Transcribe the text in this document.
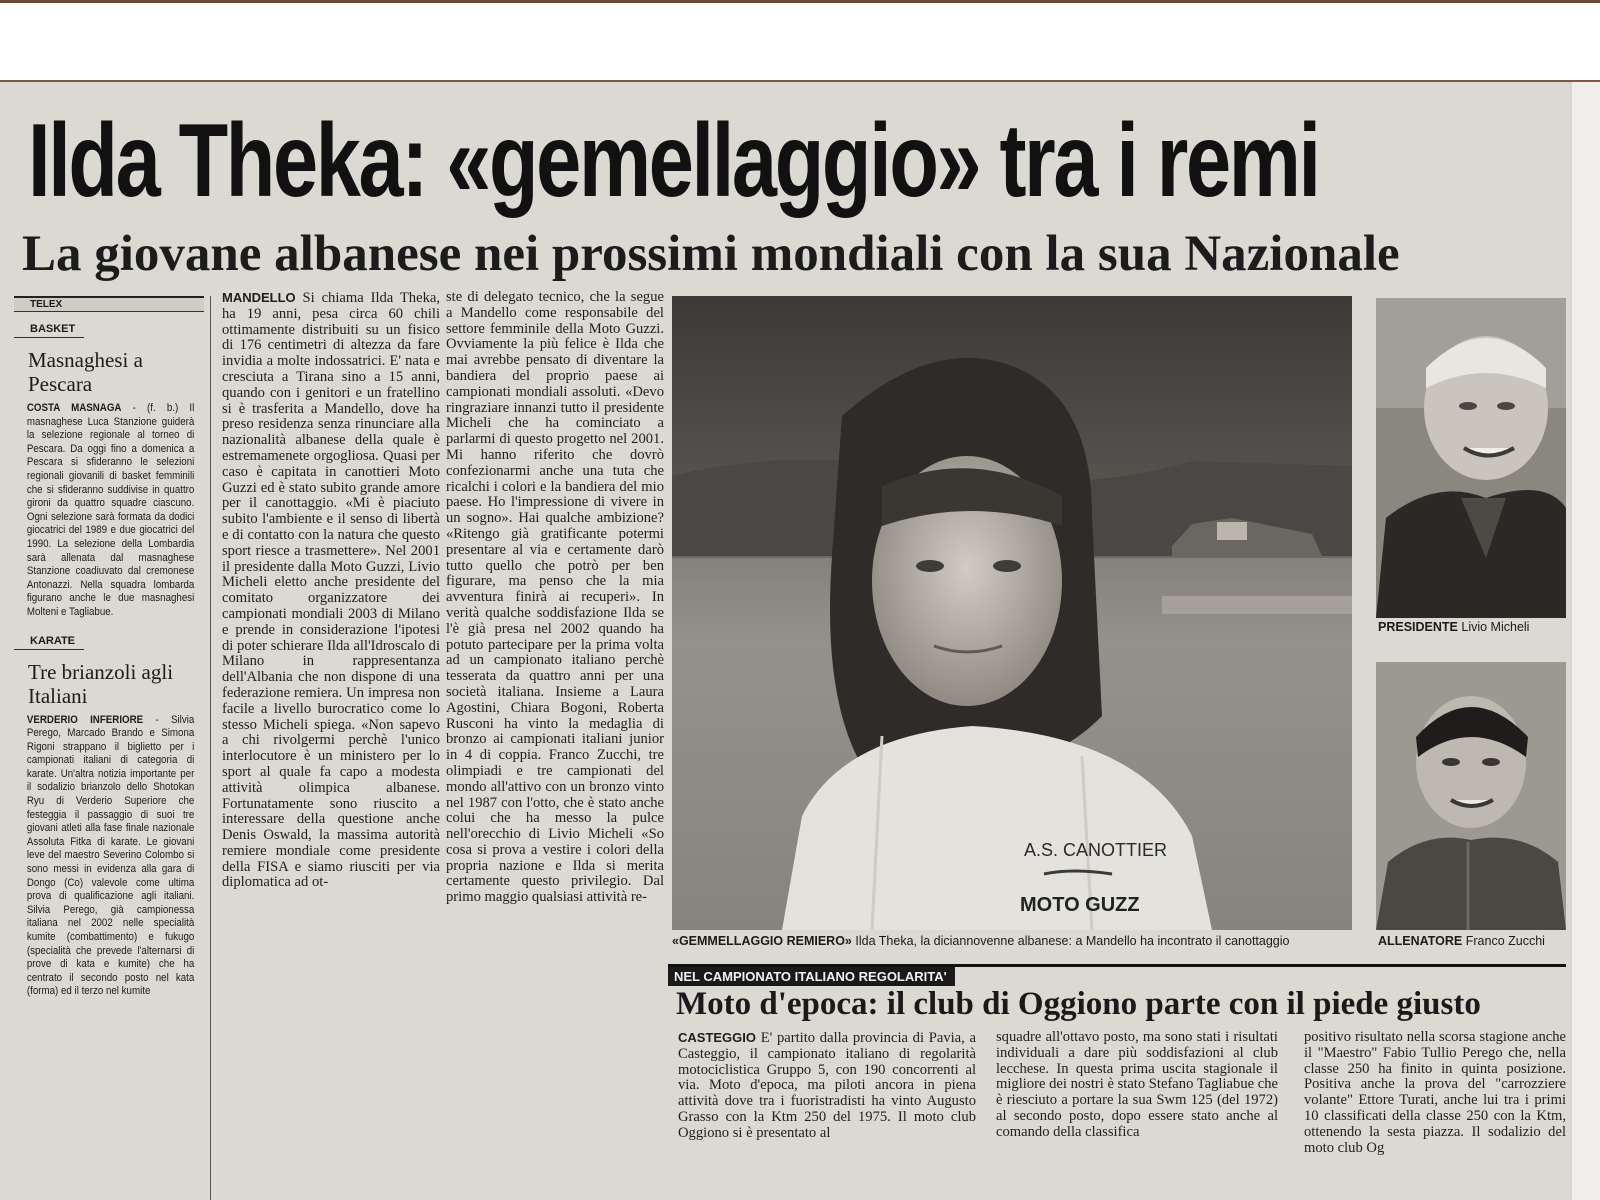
Ilda Theka: «gemellaggio» tra i remi
La giovane albanese nei prossimi mondiali con la sua Nazionale
TELEX
BASKET
Masnaghesi a Pescara

COSTA MASNAGA - (f. b.) Il masnaghese Luca Stanzione guiderà la selezione regionale al torneo di Pescara. Da oggi fino a domenica a Pescara si sfideranno le selezioni regionali giovanili di basket femminili che si sfideranno suddivise in quattro gironi da quattro squadre ciascuno. Ogni selezione sarà formata da dodici giocatrici del 1989 e due giocatrici del 1990. La selezione della Lombardia sarà allenata dal masnaghese Stanzione coadiuvato dal cremonese Antonazzi. Nella squadra lombarda figurano anche le due masnaghesi Molteni e Tagliabue.

KARATE
Tre brianzoli agli Italiani

VERDERIO INFERIORE - Silvia Perego, Marcado Brando e Simona Rigoni strappano il biglietto per i campionati italiani di categoria di karate. Un'altra notizia importante per il sodalizio brianzolo dello Shotokan Ryu di Verderio Superiore che festeggia il passaggio di suoi tre giovani atleti alla fase finale nazionale Assoluta Fitka di karate. Le giovani leve del maestro Severino Colombo si sono messi in evidenza alla gara di Dongo (Co) valevole come ultima prova di qualificazione agli italiani. Silvia Perego, già campionessa italiana nel 2002 nelle specialità kumite (combattimento) e fukugo (specialità che prevede l'alternarsi di prove di kata e kumite) che ha centrato il secondo posto nel kata (forma) ed il terzo nel kumite

MANDELLO Si chiama Ilda Theka, ha 19 anni, pesa circa 60 chili ottimamente distribuiti su un fisico di 176 centimetri di altezza da fare invidia a molte indossatrici. E' nata e cresciuta a Tirana sino a 15 anni, quando con i genitori e un fratellino si è trasferita a Mandello, dove ha preso residenza senza rinunciare alla nazionalità albanese della quale è estremamenete orgogliosa. Quasi per caso è capitata in canottieri Moto Guzzi ed è stato subito grande amore per il canottaggio. «Mi è piaciuto subito l'ambiente e il senso di libertà e di contatto con la natura che questo sport riesce a trasmettere». Nel 2001 il presidente dalla Moto Guzzi, Livio Micheli eletto anche presidente del comitato organizzatore dei campionati mondiali 2003 di Milano e prende in considerazione l'ipotesi di poter schierare Ilda all'Idroscalo di Milano in rappresentanza dell'Albania che non dispone di una federazione remiera. Un impresa non facile a livello burocratico come lo stesso Micheli spiega. «Non sapevo a chi rivolgermi perchè l'unico interlocutore è un ministero per lo sport al quale fa capo a modesta attività olimpica albanese. Fortunatamente sono riuscito a interessare della questione anche Denis Oswald, la massima autorità remiere mondiale come presidente della FISA e siamo riusciti per via diplomatica ad ot-
ste di delegato tecnico, che la segue a Mandello come responsabile del settore femminile della Moto Guzzi. Ovviamente la più felice è Ilda che mai avrebbe pensato di diventare la bandiera del proprio paese ai campionati mondiali assoluti. «Devo ringraziare innanzi tutto il presidente Micheli che ha cominciato a parlarmi di questo progetto nel 2001. Mi hanno riferito che dovrò confezionarmi anche una tuta che ricalchi i colori e la bandiera del mio paese. Ho l'impressione di vivere in un sogno». Hai qualche ambizione? «Ritengo già gratificante potermi presentare al via e certamente darò tutto quello che potrò per ben figurare, ma penso che la mia avventura finirà ai recuperi». In verità qualche soddisfazione Ilda se l'è già presa nel 2002 quando ha potuto partecipare per la prima volta ad un campionato italiano perchè tesserata da quattro anni per una società italiana. Insieme a Laura Agostini, Chiara Bogoni, Roberta Rusconi ha vinto la medaglia di bronzo ai campionati italiani junior in 4 di coppia. Franco Zucchi, tre olimpiadi e tre campionati del mondo all'attivo con un bronzo vinto nel 1987 con l'otto, che è stato anche colui che ha messo la pulce nell'orecchio di Livio Micheli «So cosa si prova a vestire i colori della propria nazione e Ilda si merita certamente questo privilegio. Dal primo maggio qualsiasi attività re-
A.S. CANOTTIER
MOTO GUZZ
PRESIDENTE Livio Micheli
ALLENATORE Franco Zucchi
«GEMMELLAGGIO REMIERO» Ilda Theka, la diciannovenne albanese: a Mandello ha incontrato il canottaggio
NEL CAMPIONATO ITALIANO REGOLARITA'
Moto d'epoca: il club di Oggiono parte con il piede giusto
CASTEGGIO E' partito dalla provincia di Pavia, a Casteggio, il campionato italiano di regolarità motociclistica Gruppo 5, con 190 concorrenti al via. Moto d'epoca, ma piloti ancora in piena attività dove tra i fuoristradisti ha vinto Augusto Grasso con la Ktm 250 del 1975. Il moto club Oggiono si è presentato al
squadre all'ottavo posto, ma sono stati i risultati individuali a dare più soddisfazioni al club lecchese. In questa prima uscita stagionale il migliore dei nostri è stato Stefano Tagliabue che è riesciuto a portare la sua Swm 125 (del 1972) al secondo posto, dopo essere stato anche al comando della classifica
positivo risultato nella scorsa stagione anche il "Maestro" Fabio Tullio Perego che, nella classe 250 ha finito in quinta posizione. Positiva anche la prova del "carrozziere volante" Ettore Turati, anche lui tra i primi 10 classificati della classe 250 con la Ktm, ottenendo la sesta piazza. Il sodalizio del moto club Og
